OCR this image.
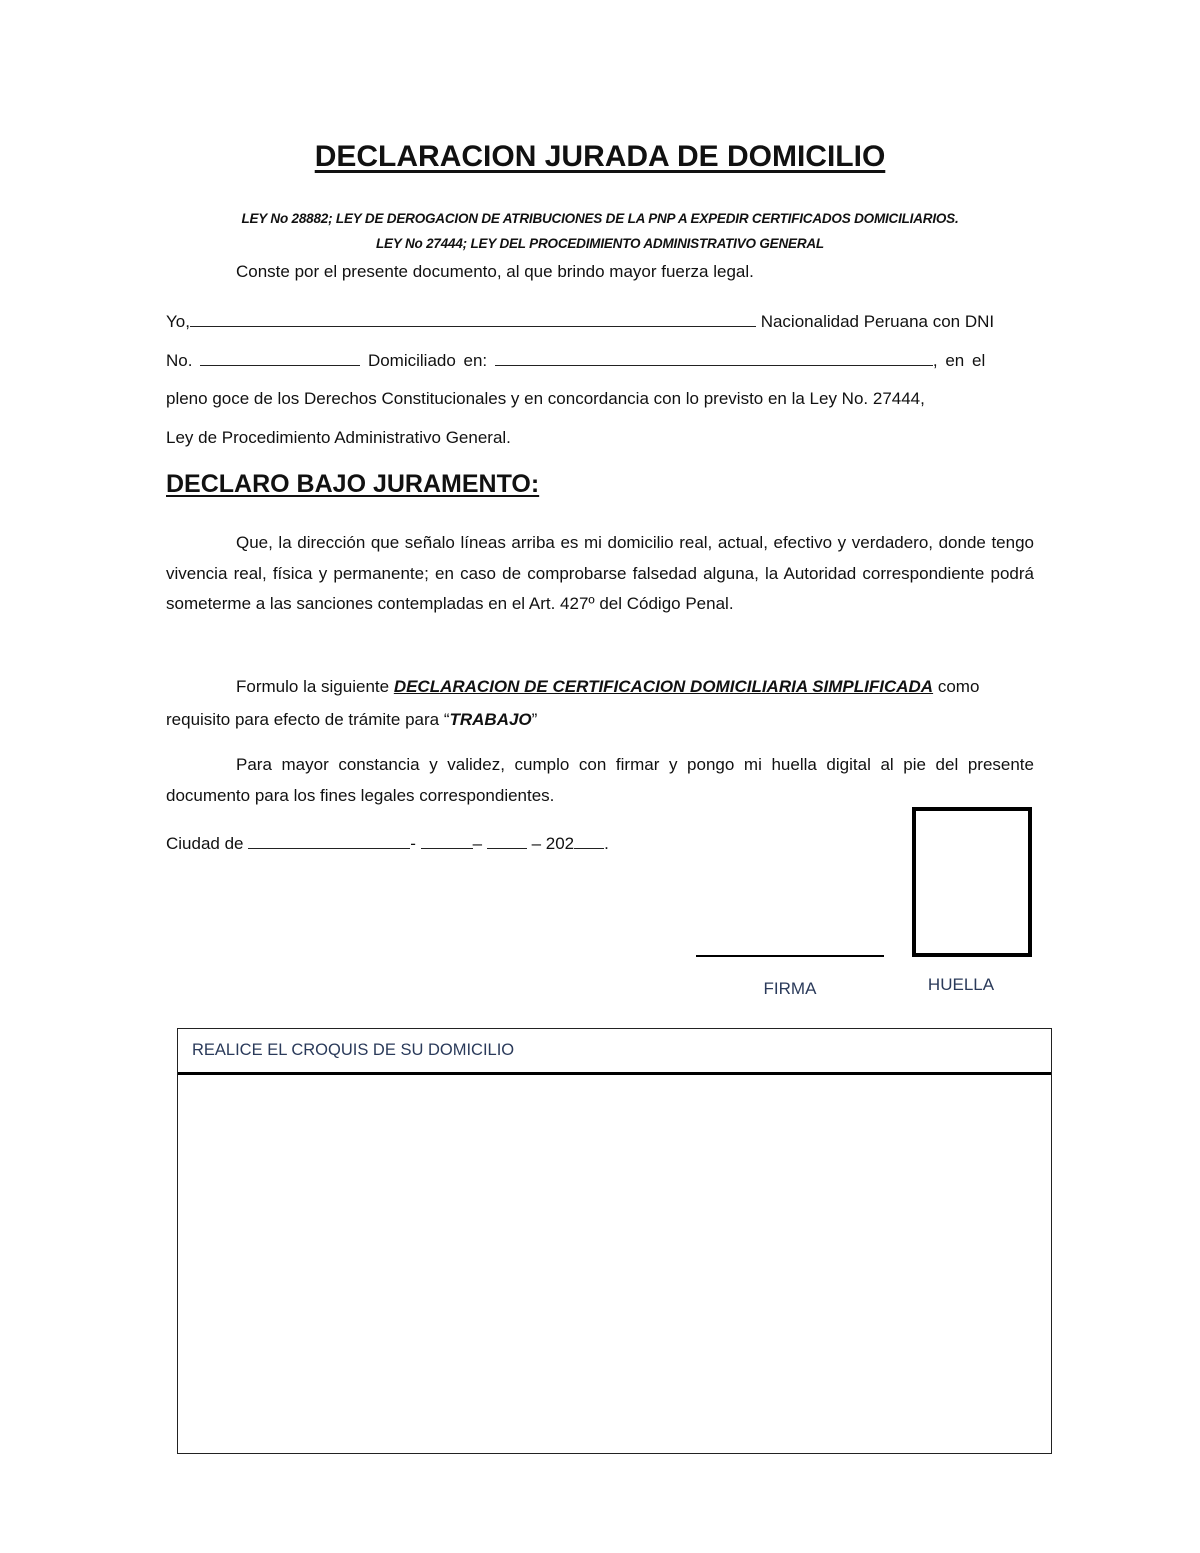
DECLARACION JURADA DE DOMICILIO
LEY No 28882; LEY DE DEROGACION DE ATRIBUCIONES DE LA PNP A EXPEDIR CERTIFICADOS DOMICILIARIOS.
LEY No 27444; LEY DEL PROCEDIMIENTO ADMINISTRATIVO GENERAL
Conste por el presente documento, al que brindo mayor fuerza legal.
Yo,	Nacionalidad Peruana con DNI
No.	Domiciliado en:	, en el
pleno goce de los Derechos Constitucionales y en concordancia con lo previsto en la Ley No. 27444,
Ley de Procedimiento Administrativo General.
DECLARO BAJO JURAMENTO:
Que, la dirección que señalo líneas arriba es mi domicilio real, actual, efectivo y verdadero, donde tengo vivencia real, física y permanente; en caso de comprobarse falsedad alguna, la Autoridad correspondiente podrá someterme a las sanciones contempladas en el Art. 427º del Código Penal.
Formulo la siguiente DECLARACION DE CERTIFICACION DOMICILIARIA SIMPLIFICADA como
requisito para efecto de trámite para “TRABAJO”
Para mayor constancia y validez, cumplo con firmar y pongo mi huella digital al pie del presente documento para los fines legales correspondientes.
Ciudad de	-	–	– 202 .
FIRMA	HUELLA
REALICE EL CROQUIS DE SU DOMICILIO
